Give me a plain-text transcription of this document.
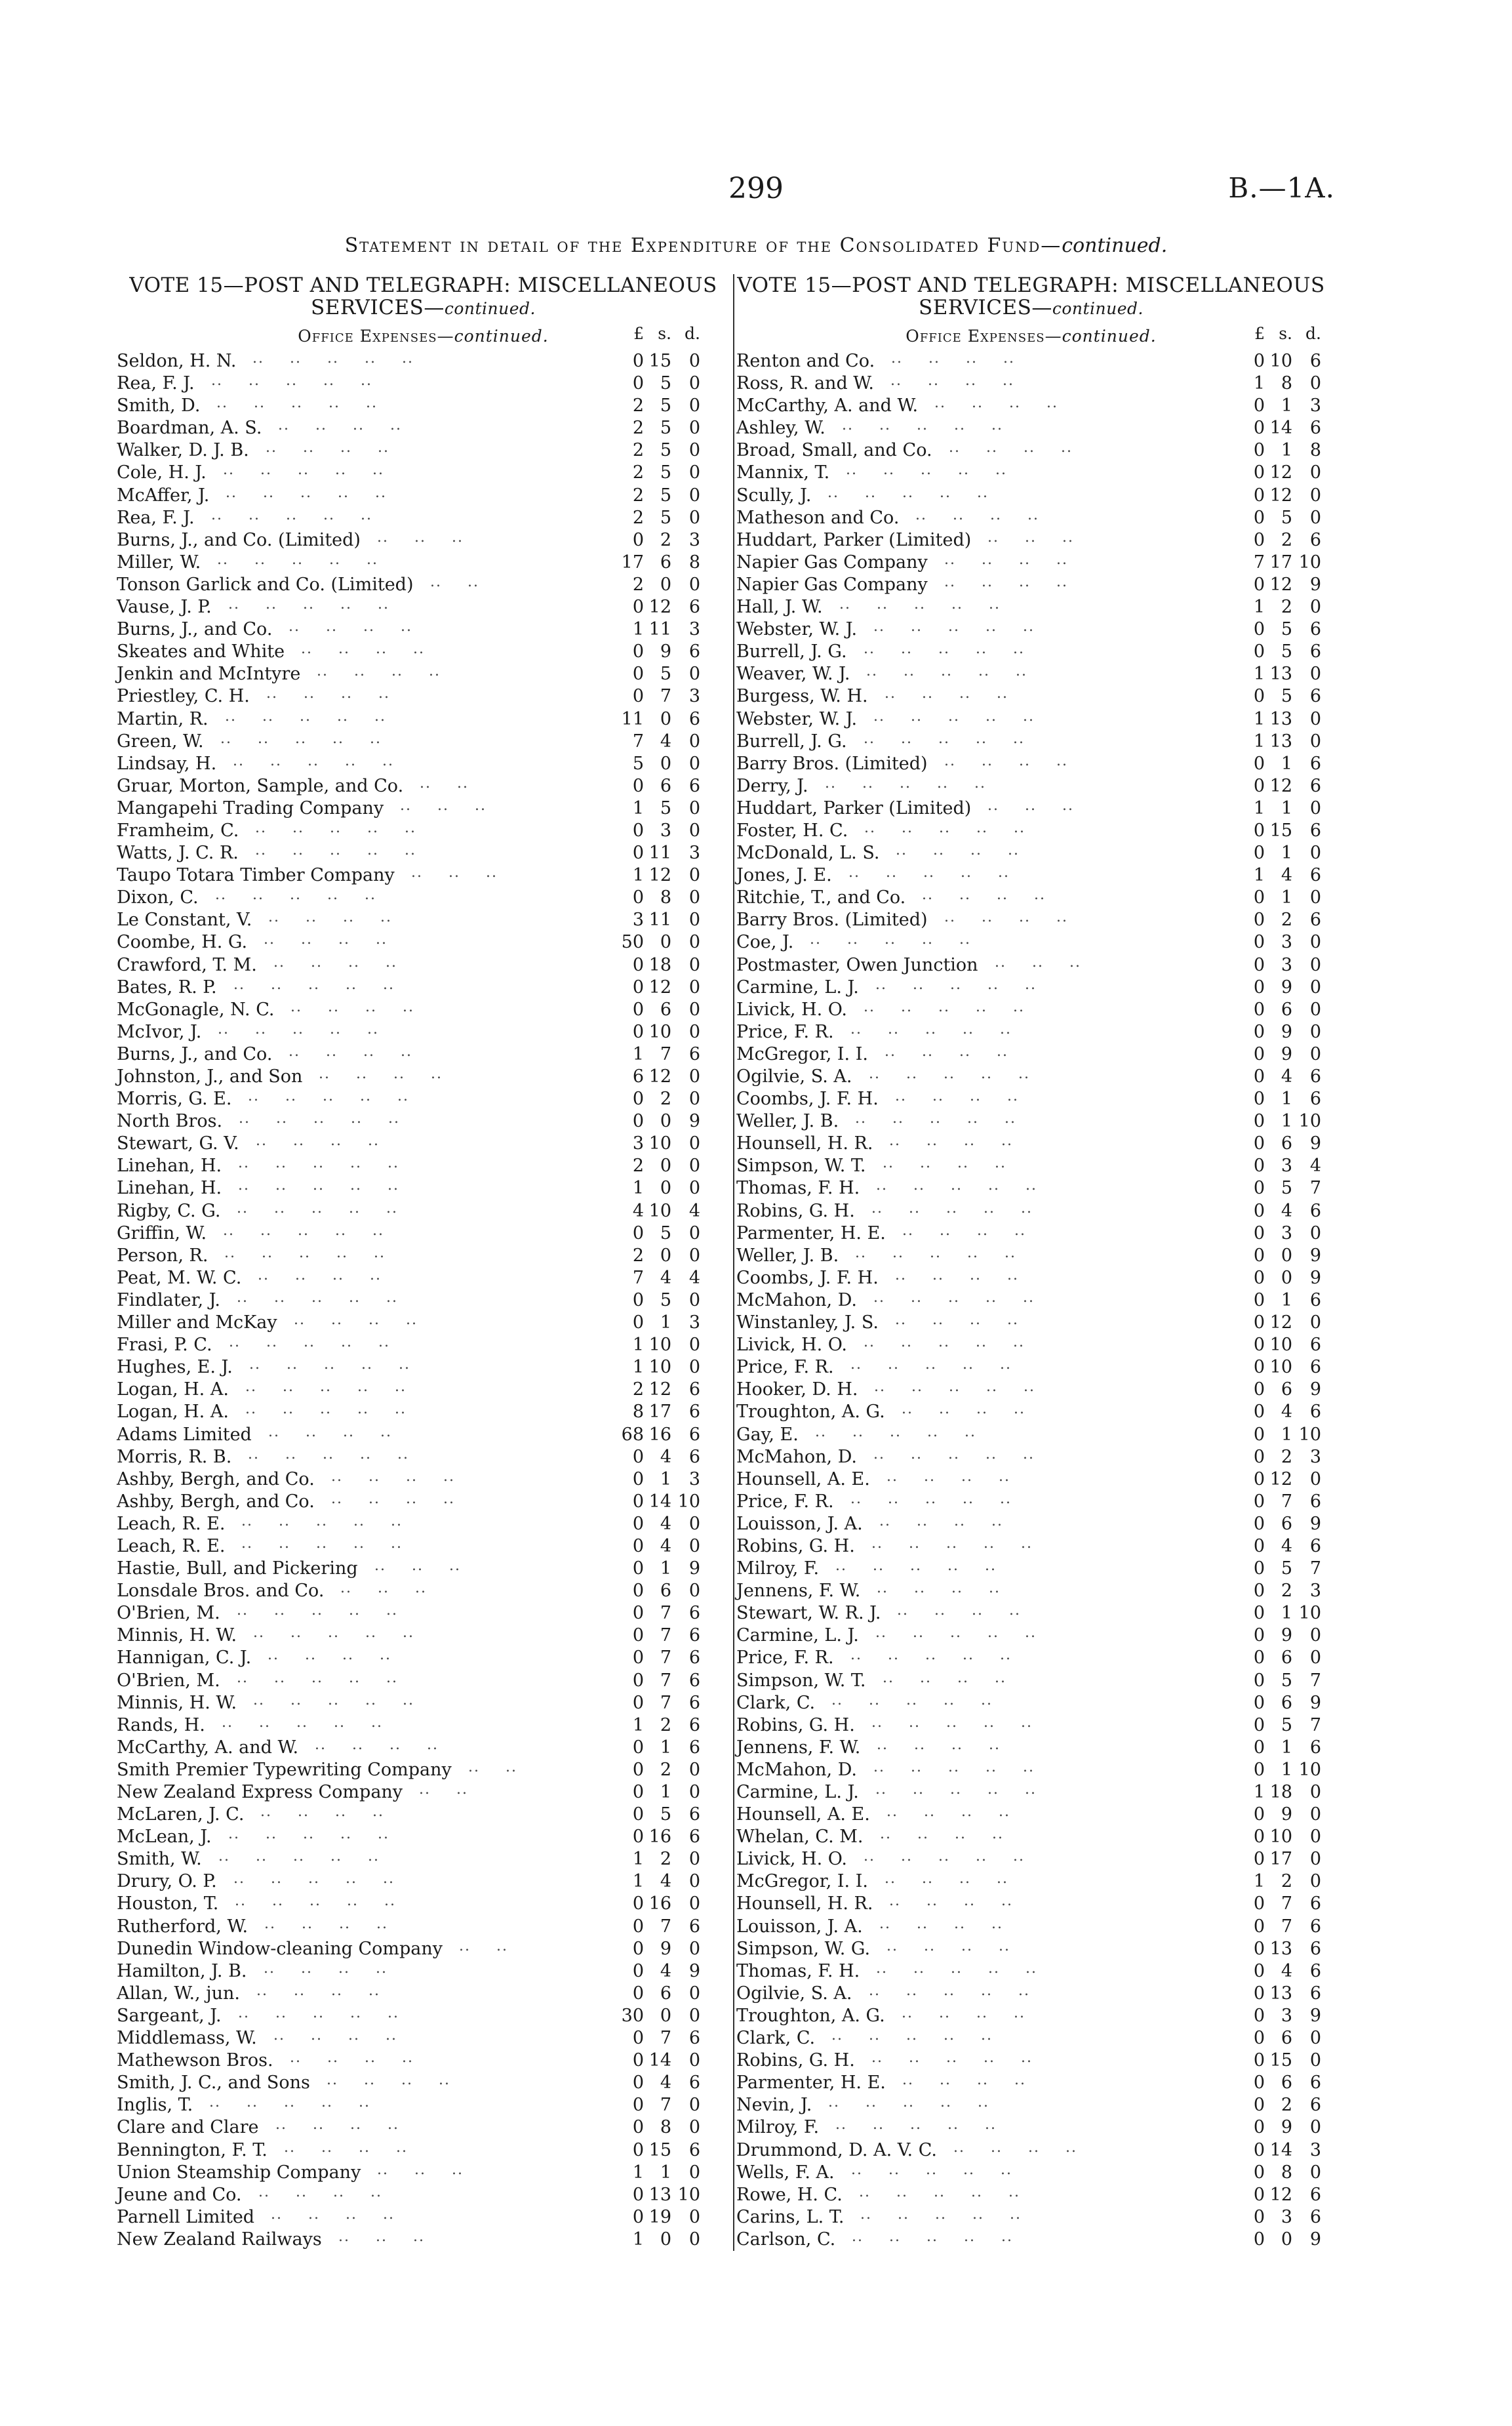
299	B.—1A.
Statement in detail of the Expenditure of the Consolidated Fund—continued.
VOTE 15—POST AND TELEGRAPH: MISCELLANEOUS
SERVICES—continued.
Office Expenses—continued.	£ s. d.
Seldon, H. N.  ..   ..   ..   ..   ..	0 15 0
Rea, F. J.  ..   ..   ..   ..   ..  	0 5 0
Smith, D.  ..   ..   ..   ..   .. 	2 5 0
Boardman, A. S.  ..   ..   ..   ..  	2 5 0
Walker, D. J. B.  ..   ..   ..   ..   	2 5 0
Cole, H. J.  ..   ..   ..   ..   .. 	2 5 0
McAffer, J.  ..   ..   ..   ..   .. 	2 5 0
Rea, F. J.  ..   ..   ..   ..   ..  	2 5 0
Burns, J., and Co. (Limited)  ..   ..   .. 	0 2 3
Miller, W.  ..   ..   ..   ..   .. 	17 6 8
Tonson Garlick and Co. (Limited)  ..   ..   	2 0 0
Vause, J. P.  ..   ..   ..   ..   .. 	0 12 6
Burns, J., and Co.  ..   ..   ..   ..  	1 11 3
Skeates and White  ..   ..   ..   .. 	0 9 6
Jenkin and McIntyre  ..   ..   ..   ..	0 5 0
Priestley, C. H.  ..   ..   ..   ..   	0 7 3
Martin, R.  ..   ..   ..   ..   .. 	11 0 6
Green, W.  ..   ..   ..   ..   .. 	7 4 0
Lindsay, H.  ..   ..   ..   ..   .. 	5 0 0
Gruar, Morton, Sample, and Co.  ..   ..   	0 6 6
Mangapehi Trading Company  ..   ..   ..	1 5 0
Framheim, C.  ..   ..   ..   ..   ..	0 3 0
Watts, J. C. R.  ..   ..   ..   ..   ..	0 11 3
Taupo Totara Timber Company  ..   ..   ..	1 12 0
Dixon, C.  ..   ..   ..   ..   ..  	0 8 0
Le Constant, V.  ..   ..   ..   ..   	3 11 0
Coombe, H. G.  ..   ..   ..   ..   	50 0 0
Crawford, T. M.  ..   ..   ..   ..   	0 18 0
Bates, R. P.  ..   ..   ..   ..   .. 	0 12 0
McGonagle, N. C.  ..   ..   ..   ..  	0 6 0
McIvor, J.  ..   ..   ..   ..   .. 	0 10 0
Burns, J., and Co.  ..   ..   ..   ..  	1 7 6
Johnston, J., and Son  ..   ..   ..   ..	6 12 0
Morris, G. E.  ..   ..   ..   ..   ..	0 2 0
North Bros.  ..   ..   ..   ..   ..	0 0 9
Stewart, G. V.  ..   ..   ..   ..   	3 10 0
Linehan, H.  ..   ..   ..   ..   ..	2 0 0
Linehan, H.  ..   ..   ..   ..   ..	1 0 0
Rigby, C. G.  ..   ..   ..   ..   ..	4 10 4
Griffin, W.  ..   ..   ..   ..   .. 	0 5 0
Person, R.  ..   ..   ..   ..   .. 	2 0 0
Peat, M. W. C.  ..   ..   ..   ..   	7 4 4
Findlater, J.  ..   ..   ..   ..   ..	0 5 0
Miller and McKay  ..   ..   ..   ..  	0 1 3
Frasi, P. C.  ..   ..   ..   ..   .. 	1 10 0
Hughes, E. J.  ..   ..   ..   ..   ..	1 10 0
Logan, H. A.  ..   ..   ..   ..   ..	2 12 6
Logan, H. A.  ..   ..   ..   ..   ..	8 17 6
Adams Limited  ..   ..   ..   ..   	68 16 6
Morris, R. B.  ..   ..   ..   ..   ..	0 4 6
Ashby, Bergh, and Co.  ..   ..   ..   ..	0 1 3
Ashby, Bergh, and Co.  ..   ..   ..   ..	0 14 10
Leach, R. E.  ..   ..   ..   ..   ..	0 4 0
Leach, R. E.  ..   ..   ..   ..   ..	0 4 0
Hastie, Bull, and Pickering  ..   ..   .. 	0 1 9
Lonsdale Bros. and Co.  ..   ..   ..   	0 6 0
O'Brien, M.  ..   ..   ..   ..   ..	0 7 6
Minnis, H. W.  ..   ..   ..   ..   ..	0 7 6
Hannigan, C. J.  ..   ..   ..   ..   	0 7 6
O'Brien, M.  ..   ..   ..   ..   ..	0 7 6
Minnis, H. W.  ..   ..   ..   ..   ..	0 7 6
Rands, H.  ..   ..   ..   ..   .. 	1 2 6
McCarthy, A. and W.  ..   ..   ..   ..	0 1 6
Smith Premier Typewriting Company  ..   .. 	0 2 0
New Zealand Express Company  ..   ..   	0 1 0
McLaren, J. C.  ..   ..   ..   ..   	0 5 6
McLean, J.  ..   ..   ..   ..   .. 	0 16 6
Smith, W.  ..   ..   ..   ..   .. 	1 2 0
Drury, O. P.  ..   ..   ..   ..   .. 	1 4 0
Houston, T.  ..   ..   ..   ..   .. 	0 16 0
Rutherford, W.  ..   ..   ..   ..   	0 7 6
Dunedin Window-cleaning Company  ..   .. 	0 9 0
Hamilton, J. B.  ..   ..   ..   ..   	0 4 9
Allan, W., jun.  ..   ..   ..   ..   	0 6 0
Sargeant, J.  ..   ..   ..   ..   ..	30 0 0
Middlemass, W.  ..   ..   ..   ..   	0 7 6
Mathewson Bros.  ..   ..   ..   ..  	0 14 0
Smith, J. C., and Sons  ..   ..   ..   ..	0 4 6
Inglis, T.  ..   ..   ..   ..   ..  	0 7 0
Clare and Clare  ..   ..   ..   ..  	0 8 0
Bennington, F. T.  ..   ..   ..   ..  	0 15 6
Union Steamship Company  ..   ..   .. 	1 1 0
Jeune and Co.  ..   ..   ..   ..   	0 13 10
Parnell Limited  ..   ..   ..   ..   	0 19 0
New Zealand Railways  ..   ..   ..   	1 0 0
VOTE 15—POST AND TELEGRAPH: MISCELLANEOUS
SERVICES—continued.
Office Expenses—continued.	£ s. d.
Renton and Co.  ..   ..   ..   ..   	0 10 6
Ross, R. and W.  ..   ..   ..   ..   	1 8 0
McCarthy, A. and W.  ..   ..   ..   .. 	0 1 3
Ashley, W.  ..   ..   ..   ..   .. 	0 14 6
Broad, Small, and Co.  ..   ..   ..   ..	0 1 8
Mannix, T.  ..   ..   ..   ..   .. 	0 12 0
Scully, J.  ..   ..   ..   ..   ..  	0 12 0
Matheson and Co.  ..   ..   ..   ..  	0 5 0
Huddart, Parker (Limited)  ..   ..   ..  	0 2 6
Napier Gas Company  ..   ..   ..   ..	7 17 10
Napier Gas Company  ..   ..   ..   ..	0 12 9
Hall, J. W.  ..   ..   ..   ..   .. 	1 2 0
Webster, W. J.  ..   ..   ..   ..   ..	0 5 6
Burrell, J. G.  ..   ..   ..   ..   ..	0 5 6
Weaver, W. J.  ..   ..   ..   ..   ..	1 13 0
Burgess, W. H.  ..   ..   ..   ..   	0 5 6
Webster, W. J.  ..   ..   ..   ..   ..	1 13 0
Burrell, J. G.  ..   ..   ..   ..   ..	1 13 0
Barry Bros. (Limited)  ..   ..   ..   ..	0 1 6
Derry, J.  ..   ..   ..   ..   ..  	0 12 6
Huddart, Parker (Limited)  ..   ..   ..  	1 1 0
Foster, H. C.  ..   ..   ..   ..   ..	0 15 6
McDonald, L. S.  ..   ..   ..   ..   	0 1 0
Jones, J. E.  ..   ..   ..   ..   .. 	1 4 6
Ritchie, T., and Co.  ..   ..   ..   .. 	0 1 0
Barry Bros. (Limited)  ..   ..   ..   ..	0 2 6
Coe, J.  ..   ..   ..   ..   ..   	0 3 0
Postmaster, Owen Junction  ..   ..   .. 	0 3 0
Carmine, L. J.  ..   ..   ..   ..   ..	0 9 0
Livick, H. O.  ..   ..   ..   ..   ..	0 6 0
Price, F. R.  ..   ..   ..   ..   .. 	0 9 0
McGregor, I. I.  ..   ..   ..   ..   	0 9 0
Ogilvie, S. A.  ..   ..   ..   ..   ..	0 4 6
Coombs, J. F. H.  ..   ..   ..   ..   	0 1 6
Weller, J. B.  ..   ..   ..   ..   .. 	0 1 10
Hounsell, H. R.  ..   ..   ..   ..   	0 6 9
Simpson, W. T.  ..   ..   ..   ..   	0 3 4
Thomas, F. H.  ..   ..   ..   ..   ..	0 5 7
Robins, G. H.  ..   ..   ..   ..   ..	0 4 6
Parmenter, H. E.  ..   ..   ..   ..  	0 3 0
Weller, J. B.  ..   ..   ..   ..   .. 	0 0 9
Coombs, J. F. H.  ..   ..   ..   ..   	0 0 9
McMahon, D.  ..   ..   ..   ..   ..	0 1 6
Winstanley, J. S.  ..   ..   ..   ..   	0 12 0
Livick, H. O.  ..   ..   ..   ..   ..	0 10 6
Price, F. R.  ..   ..   ..   ..   .. 	0 10 6
Hooker, D. H.  ..   ..   ..   ..   ..	0 6 9
Troughton, A. G.  ..   ..   ..   ..  	0 4 6
Gay, E.  ..   ..   ..   ..   ..   	0 1 10
McMahon, D.  ..   ..   ..   ..   ..	0 2 3
Hounsell, A. E.  ..   ..   ..   ..   	0 12 0
Price, F. R.  ..   ..   ..   ..   .. 	0 7 6
Louisson, J. A.  ..   ..   ..   ..   	0 6 9
Robins, G. H.  ..   ..   ..   ..   ..	0 4 6
Milroy, F.  ..   ..   ..   ..   ..  	0 5 7
Jennens, F. W.  ..   ..   ..   ..   	0 2 3
Stewart, W. R. J.  ..   ..   ..   ..  	0 1 10
Carmine, L. J.  ..   ..   ..   ..   ..	0 9 0
Price, F. R.  ..   ..   ..   ..   .. 	0 6 0
Simpson, W. T.  ..   ..   ..   ..   	0 5 7
Clark, C.  ..   ..   ..   ..   ..  	0 6 9
Robins, G. H.  ..   ..   ..   ..   ..	0 5 7
Jennens, F. W.  ..   ..   ..   ..   	0 1 6
McMahon, D.  ..   ..   ..   ..   ..	0 1 10
Carmine, L. J.  ..   ..   ..   ..   ..	1 18 0
Hounsell, A. E.  ..   ..   ..   ..   	0 9 0
Whelan, C. M.  ..   ..   ..   ..   	0 10 0
Livick, H. O.  ..   ..   ..   ..   ..	0 17 0
McGregor, I. I.  ..   ..   ..   ..   	1 2 0
Hounsell, H. R.  ..   ..   ..   ..   	0 7 6
Louisson, J. A.  ..   ..   ..   ..   	0 7 6
Simpson, W. G.  ..   ..   ..   ..   	0 13 6
Thomas, F. H.  ..   ..   ..   ..   ..	0 4 6
Ogilvie, S. A.  ..   ..   ..   ..   ..	0 13 6
Troughton, A. G.  ..   ..   ..   ..  	0 3 9
Clark, C.  ..   ..   ..   ..   ..  	0 6 0
Robins, G. H.  ..   ..   ..   ..   ..	0 15 0
Parmenter, H. E.  ..   ..   ..   ..  	0 6 6
Nevin, J.  ..   ..   ..   ..   ..  	0 2 6
Milroy, F.  ..   ..   ..   ..   ..  	0 9 0
Drummond, D. A. V. C.  ..   ..   ..   ..	0 14 3
Wells, F. A.  ..   ..   ..   ..   .. 	0 8 0
Rowe, H. C.  ..   ..   ..   ..   ..	0 12 6
Carins, L. T.  ..   ..   ..   ..   ..	0 3 6
Carlson, C.  ..   ..   ..   ..   .. 	0 0 9
